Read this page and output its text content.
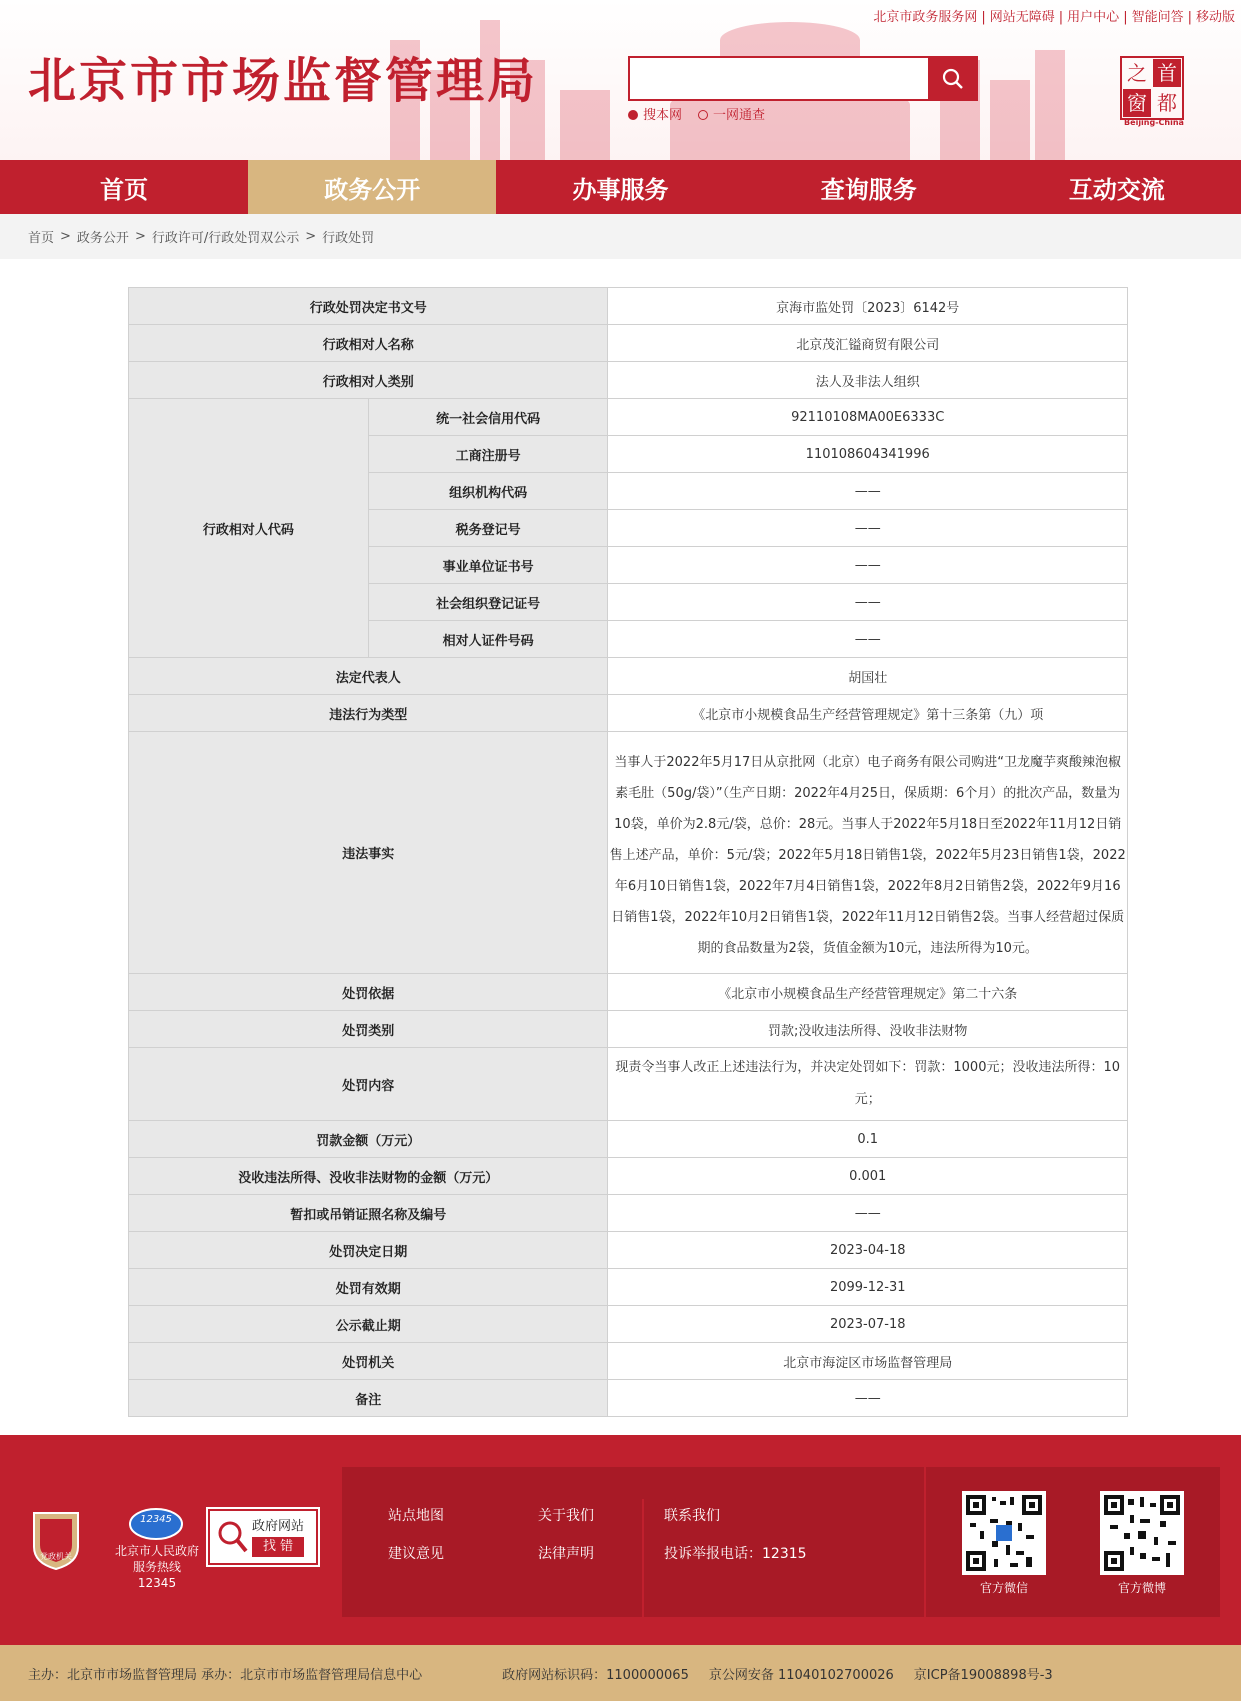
北京市市场监督管理局
北京市政务服务网 | 网站无障碍 | 用户中心 | 智能问答 | 移动版
搜本网	一网通查
之 首
窗 都
Beijing-China
首页	政务公开	办事服务	查询服务	互动交流
首页 > 政务公开 > 行政许可/行政处罚双公示 > 行政处罚
行政处罚决定书文号		京海市监处罚〔2023〕6142号
行政相对人名称		北京茂汇镒商贸有限公司
行政相对人类别		法人及非法人组织
行政相对人代码	统一社会信用代码	92110108MA00E6333C
	工商注册号	110108604341996
	组织机构代码	——
	税务登记号	——
	事业单位证书号	——
	社会组织登记证号	——
	相对人证件号码	——
法定代表人		胡国壮
违法行为类型		《北京市小规模食品生产经营管理规定》第十三条第（九）项
违法事实		当事人于2022年5月17日从京批网（北京）电子商务有限公司购进“卫龙魔芋爽酸辣泡椒素毛肚（50g/袋）”（生产日期：2022年4月25日，保质期：6个月）的批次产品，数量为10袋，单价为2.8元/袋，总价：28元。当事人于2022年5月18日至2022年11月12日销售上述产品，单价：5元/袋；2022年5月18日销售1袋，2022年5月23日销售1袋，2022年6月10日销售1袋，2022年7月4日销售1袋，2022年8月2日销售2袋，2022年9月16日销售1袋，2022年10月2日销售1袋，2022年11月12日销售2袋。当事人经营超过保质期的食品数量为2袋，货值金额为10元，违法所得为10元。
处罚依据		《北京市小规模食品生产经营管理规定》第二十六条
处罚类别		罚款;没收违法所得、没收非法财物
处罚内容		现责令当事人改正上述违法行为，并决定处罚如下：罚款：1000元；没收违法所得：10元；
罚款金额（万元）		0.1
没收违法所得、没收非法财物的金额（万元）		0.001
暂扣或吊销证照名称及编号		——
处罚决定日期		2023-04-18
处罚有效期		2099-12-31
公示截止期		2023-07-18
处罚机关		北京市海淀区市场监督管理局
备注		——
党政机关
12345
北京市人民政府
服务热线12345
政府网站
找 错
站点地图	关于我们
建议意见	法律声明
联系我们
投诉举报电话：12315
官方微信	官方微博
主办：北京市市场监督管理局 承办：北京市市场监督管理局信息中心	政府网站标识码：1100000065 京公网安备 11040102700026 京ICP备19008898号-3
